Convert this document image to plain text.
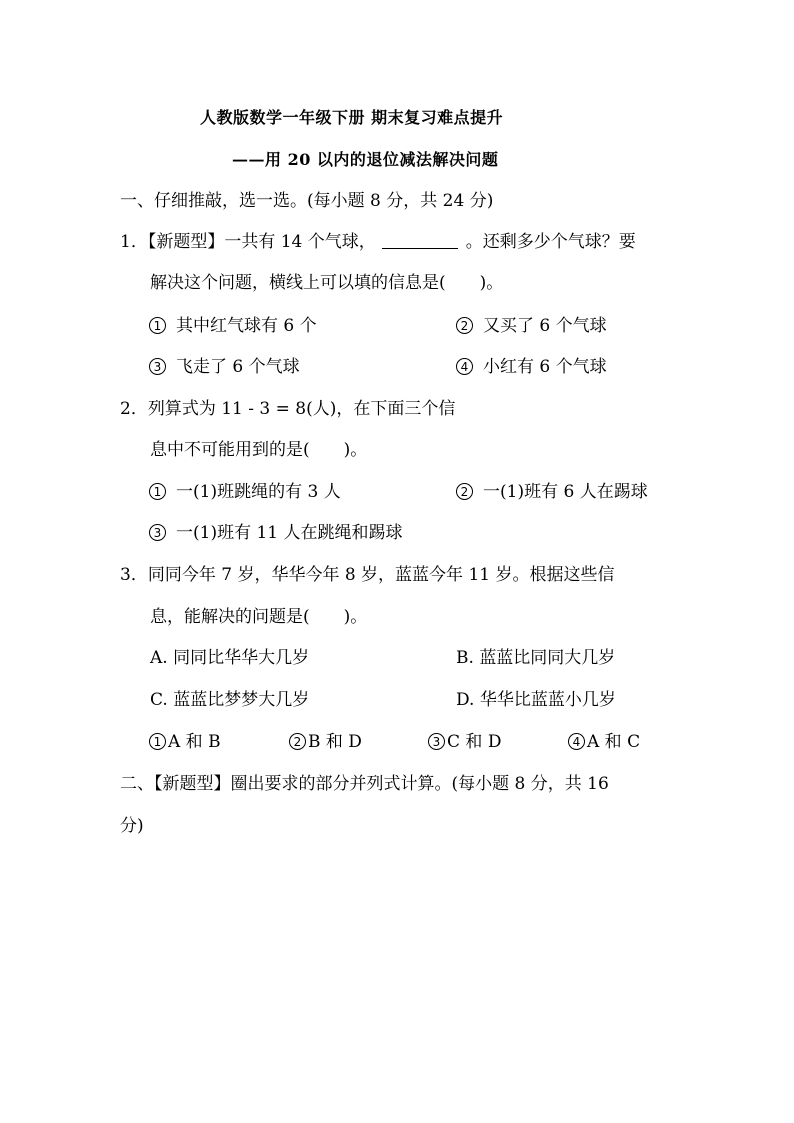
人教版数学一年级下册 期末复习难点提升
——用 20 以内的退位减法解决问题
一、仔细推敲，选一选。(每小题 8 分，共 24 分)
1．【新题型】一共有 14 个气球，	。还剩多少个气球？要
解决这个问题，横线上可以填的信息是(　　)。
1 其中红气球有 6 个	2 又买了 6 个气球
3 飞走了 6 个气球	4 小红有 6 个气球
2．列算式为 11 - 3 = 8(人)，在下面三个信
息中不可能用到的是(　　)。
1 一(1)班跳绳的有 3 人	2 一(1)班有 6 人在踢球
3 一(1)班有 11 人在跳绳和踢球
3．同同今年 7 岁，华华今年 8 岁，蓝蓝今年 11 岁。根据这些信
息，能解决的问题是(　　)。
A. 同同比华华大几岁	B. 蓝蓝比同同大几岁
C. 蓝蓝比梦梦大几岁	D. 华华比蓝蓝小几岁
1 A 和 B	2 B 和 D	3 C 和 D	4 A 和 C
二、【新题型】圈出要求的部分并列式计算。(每小题 8 分，共 16
分)
